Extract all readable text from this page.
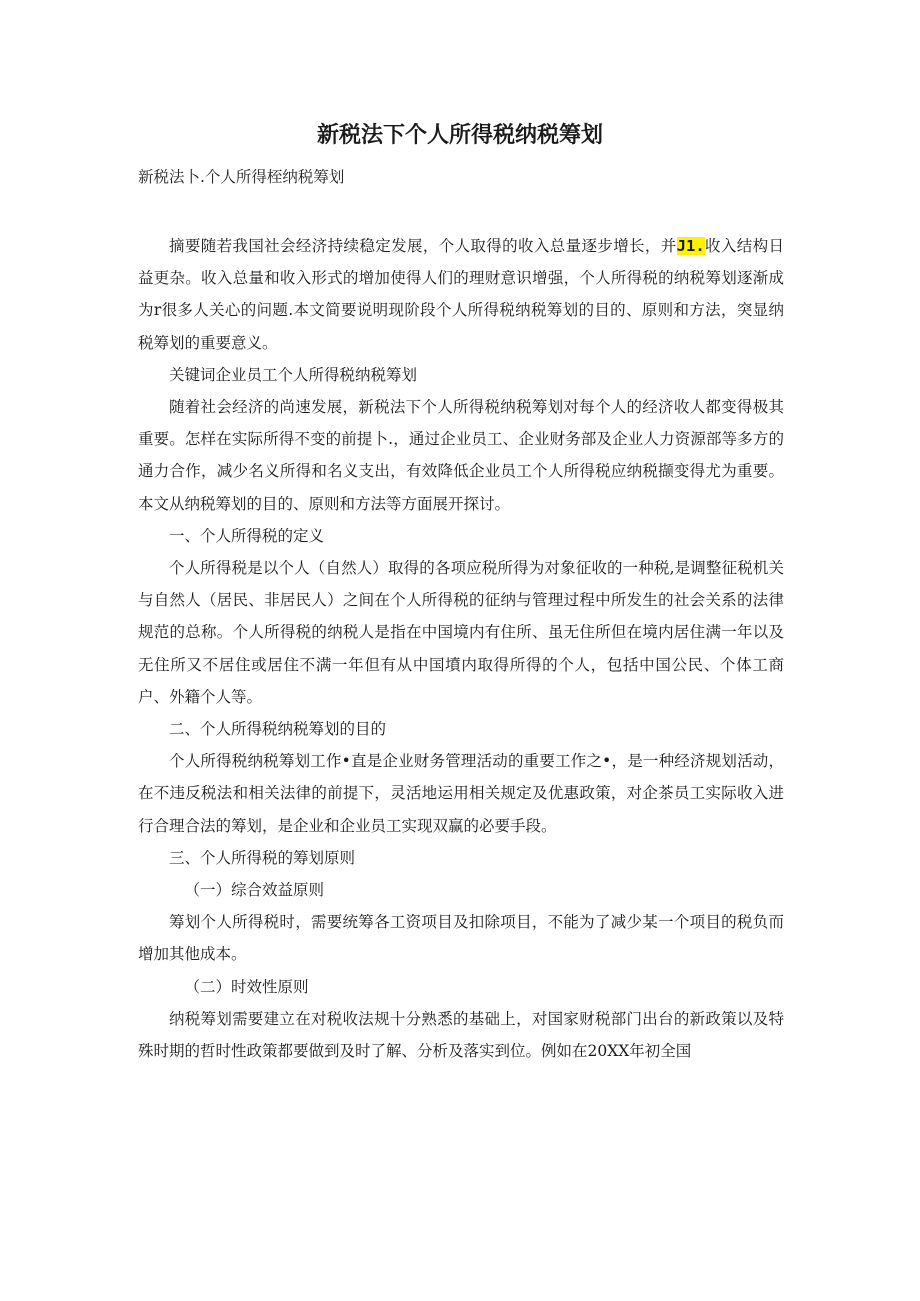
新税法下个人所得税纳税筹划
新税法卜.个人所得桎纳税筹划

摘要随若我国社会经济持续稳定发展，个人取得的收入总量逐步增长，并J1.收入结构日益更杂。收入总量和收入形式的增加使得人们的理财意识增强，个人所得税的纳税筹划逐渐成为r很多人关心的问题.本文简要说明现阶段个人所得税纳税筹划的目的、原则和方法，突显纳税筹划的重要意义。

关键词企业员工个人所得税纳税筹划

随着社会经济的尚速发展，新税法下个人所得税纳税筹划对每个人的经济收人都变得极其重要。怎样在实际所得不变的前提卜.，通过企业员工、企业财务部及企业人力资源部等多方的通力合作，减少名义所得和名义支出，有效降低企业员工个人所得税应纳税撷变得尤为重要。本文从纳税筹划的目的、原则和方法等方面展开探讨。

一、个人所得税的定义

个人所得税是以个人（自然人）取得的各项应税所得为对象征收的一种税,是调整征税机关与自然人（居民、非居民人）之间在个人所得税的征纳与管理过程中所发生的社会关系的法律规范的总称。个人所得税的纳税人是指在中国境内有住所、虽无住所但在境内居住满一年以及无住所又不居住或居住不满一年但有从中国墳内取得所得的个人，包括中国公民、个体工商户、外籍个人等。

二、个人所得税纳税筹划的目的

个人所得税纳税筹划工作•直是企业财务管理活动的重要工作之•，是一种经济规划活动，在不违反税法和相关法律的前提下，灵活地运用相关规定及优惠政策，对企茶员工实际收入进行合理合法的筹划，是企业和企业员工实现双赢的必要手段。

三、个人所得税的筹划原则

（一）综合效益原则

筹划个人所得税时，需要统筹各工资项目及扣除项目，不能为了减少某一个项目的税负而增加其他成本。

（二）时效性原则

纳税筹划需要建立在对税收法规十分熟悉的基础上，对国家财税部门出台的新政策以及特殊时期的哲时性政策都要做到及时了解、分析及落实到位。例如在20XX年初全国
